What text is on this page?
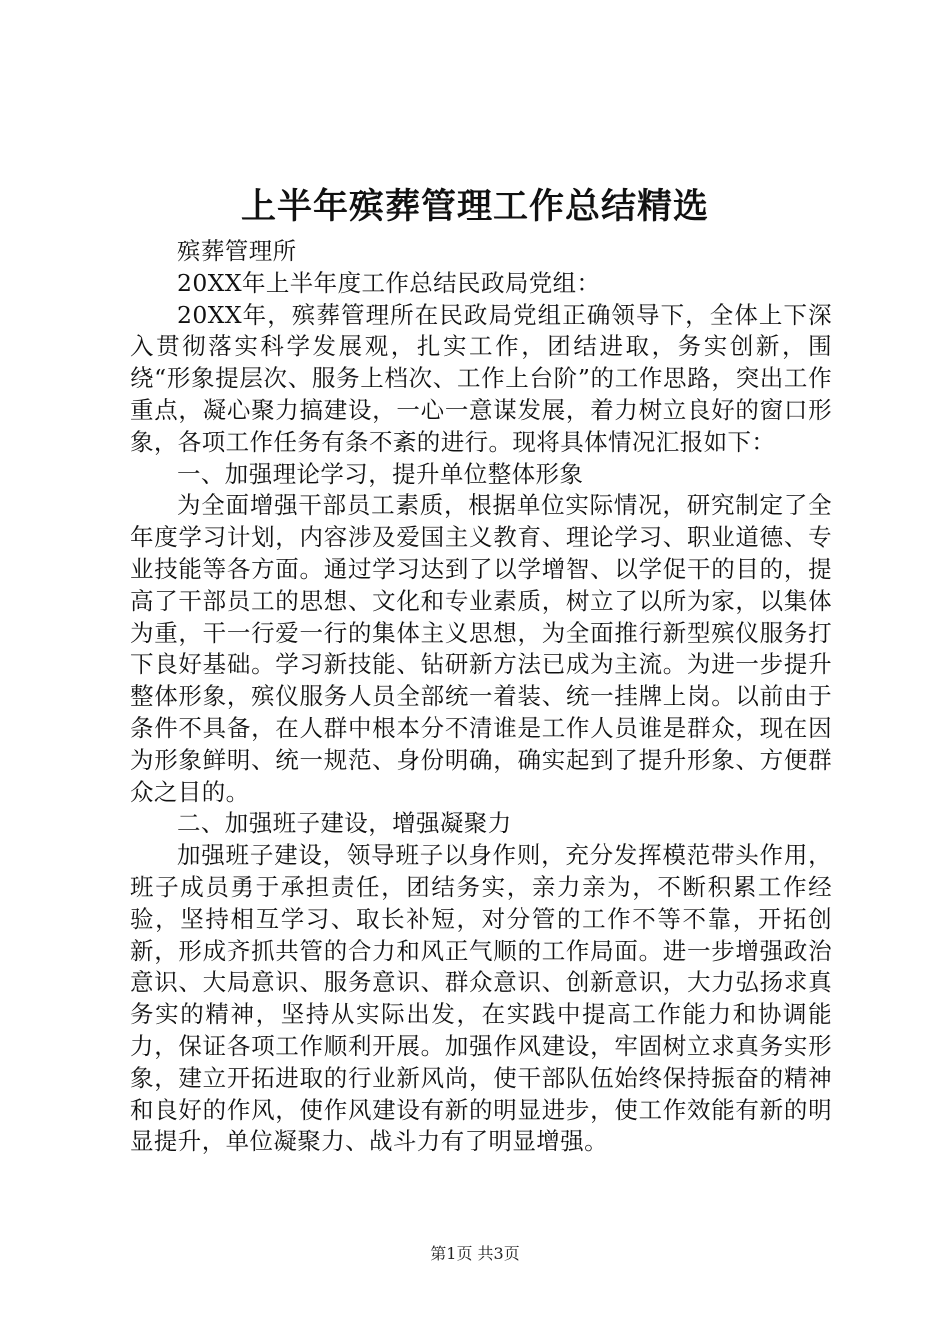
上半年殡葬管理工作总结精选

殡葬管理所

20XX年上半年度工作总结民政局党组：

20XX年，殡葬管理所在民政局党组正确领导下，全体上下深入贯彻落实科学发展观，扎实工作，团结进取，务实创新，围绕“形象提层次、服务上档次、工作上台阶”的工作思路，突出工作重点，凝心聚力搞建设，一心一意谋发展，着力树立良好的窗口形象，各项工作任务有条不紊的进行。现将具体情况汇报如下：

一、加强理论学习，提升单位整体形象

为全面增强干部员工素质，根据单位实际情况，研究制定了全年度学习计划，内容涉及爱国主义教育、理论学习、职业道德、专业技能等各方面。通过学习达到了以学增智、以学促干的目的，提高了干部员工的思想、文化和专业素质，树立了以所为家，以集体为重，干一行爱一行的集体主义思想，为全面推行新型殡仪服务打下良好基础。学习新技能、钻研新方法已成为主流。为进一步提升整体形象，殡仪服务人员全部统一着装、统一挂牌上岗。以前由于条件不具备，在人群中根本分不清谁是工作人员谁是群众，现在因为形象鲜明、统一规范、身份明确，确实起到了提升形象、方便群众之目的。

二、加强班子建设，增强凝聚力

加强班子建设，领导班子以身作则，充分发挥模范带头作用，班子成员勇于承担责任，团结务实，亲力亲为，不断积累工作经验，坚持相互学习、取长补短，对分管的工作不等不靠，开拓创新，形成齐抓共管的合力和风正气顺的工作局面。进一步增强政治意识、大局意识、服务意识、群众意识、创新意识，大力弘扬求真务实的精神，坚持从实际出发，在实践中提高工作能力和协调能力，保证各项工作顺利开展。加强作风建设，牢固树立求真务实形象，建立开拓进取的行业新风尚，使干部队伍始终保持振奋的精神和良好的作风，使作风建设有新的明显进步，使工作效能有新的明显提升，单位凝聚力、战斗力有了明显增强。

第1页 共3页
